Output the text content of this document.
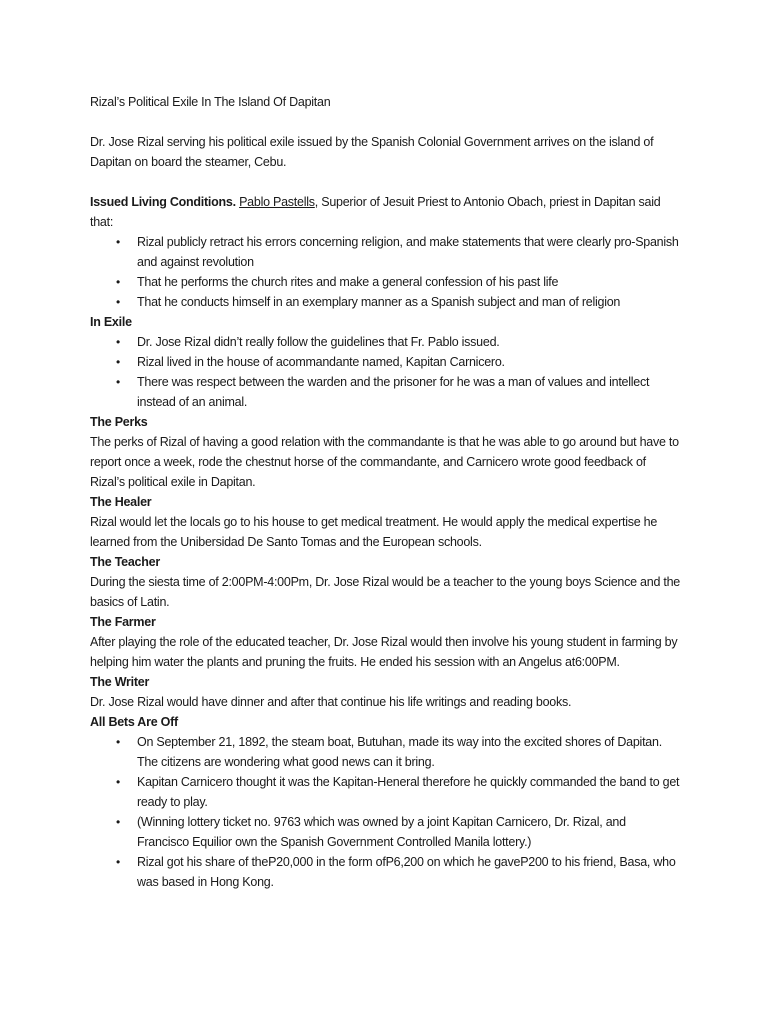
Rizal’s Political Exile In The Island Of Dapitan

Dr. Jose Rizal serving his political exile issued by the Spanish Colonial Government arrives on the island of Dapitan on board the steamer, Cebu.

Issued Living Conditions. Pablo Pastells, Superior of Jesuit Priest to Antonio Obach, priest in Dapitan said that:

• Rizal publicly retract his errors concerning religion, and make statements that were clearly pro-Spanish and against revolution
• That he performs the church rites and make a general confession of his past life
• That he conducts himself in an exemplary manner as a Spanish subject and man of religion

In Exile

• Dr. Jose Rizal didn’t really follow the guidelines that Fr. Pablo issued.
• Rizal lived in the house of acommandante named, Kapitan Carnicero.
• There was respect between the warden and the prisoner for he was a man of values and intellect instead of an animal.

The Perks

The perks of Rizal of having a good relation with the commandante is that he was able to go around but have to report once a week, rode the chestnut horse of the commandante, and Carnicero wrote good feedback of Rizal’s political exile in Dapitan.

The Healer

Rizal would let the locals go to his house to get medical treatment. He would apply the medical expertise he learned from the Unibersidad De Santo Tomas and the European schools.

The Teacher

During the siesta time of 2:00PM-4:00Pm, Dr. Jose Rizal would be a teacher to the young boys Science and the basics of Latin.

The Farmer

After playing the role of the educated teacher, Dr. Jose Rizal would then involve his young student in farming by helping him water the plants and pruning the fruits. He ended his session with an Angelus at6:00PM.

The Writer

Dr. Jose Rizal would have dinner and after that continue his life writings and reading books.

All Bets Are Off

• On September 21, 1892, the steam boat, Butuhan, made its way into the excited shores of Dapitan. The citizens are wondering what good news can it bring.
• Kapitan Carnicero thought it was the Kapitan-Heneral therefore he quickly commanded the band to get ready to play.
• (Winning lottery ticket no. 9763 which was owned by a joint Kapitan Carnicero, Dr. Rizal, and Francisco Equilior own the Spanish Government Controlled Manila lottery.)
• Rizal got his share of theP20,000 in the form ofP6,200 on which he gaveP200 to his friend, Basa, who was based in Hong Kong.
